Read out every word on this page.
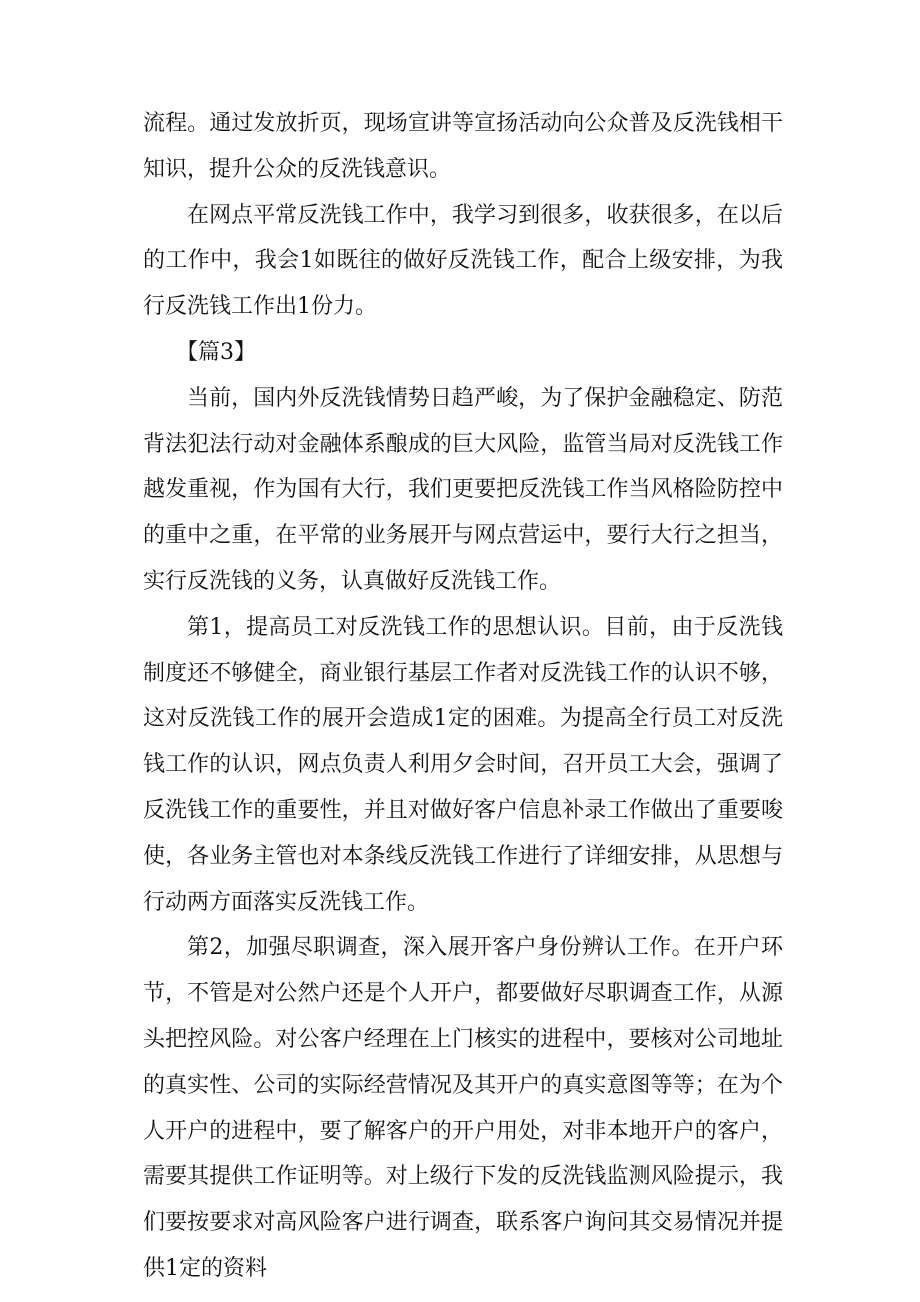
流程。通过发放折页，现场宣讲等宣扬活动向公众普及反洗钱相干知识，提升公众的反洗钱意识。

在网点平常反洗钱工作中，我学习到很多，收获很多，在以后的工作中，我会1如既往的做好反洗钱工作，配合上级安排，为我行反洗钱工作出1份力。

【篇3】

当前，国内外反洗钱情势日趋严峻，为了保护金融稳定、防范背法犯法行动对金融体系酿成的巨大风险，监管当局对反洗钱工作越发重视，作为国有大行，我们更要把反洗钱工作当风格险防控中的重中之重，在平常的业务展开与网点营运中，要行大行之担当，实行反洗钱的义务，认真做好反洗钱工作。

第1，提高员工对反洗钱工作的思想认识。目前，由于反洗钱制度还不够健全，商业银行基层工作者对反洗钱工作的认识不够，这对反洗钱工作的展开会造成1定的困难。为提高全行员工对反洗钱工作的认识，网点负责人利用夕会时间，召开员工大会，强调了反洗钱工作的重要性，并且对做好客户信息补录工作做出了重要唆使，各业务主管也对本条线反洗钱工作进行了详细安排，从思想与行动两方面落实反洗钱工作。

第2，加强尽职调查，深入展开客户身份辨认工作。在开户环节，不管是对公然户还是个人开户，都要做好尽职调查工作，从源头把控风险。对公客户经理在上门核实的进程中，要核对公司地址的真实性、公司的实际经营情况及其开户的真实意图等等；在为个人开户的进程中，要了解客户的开户用处，对非本地开户的客户，需要其提供工作证明等。对上级行下发的反洗钱监测风险提示，我们要按要求对高风险客户进行调查，联系客户询问其交易情况并提供1定的资料
